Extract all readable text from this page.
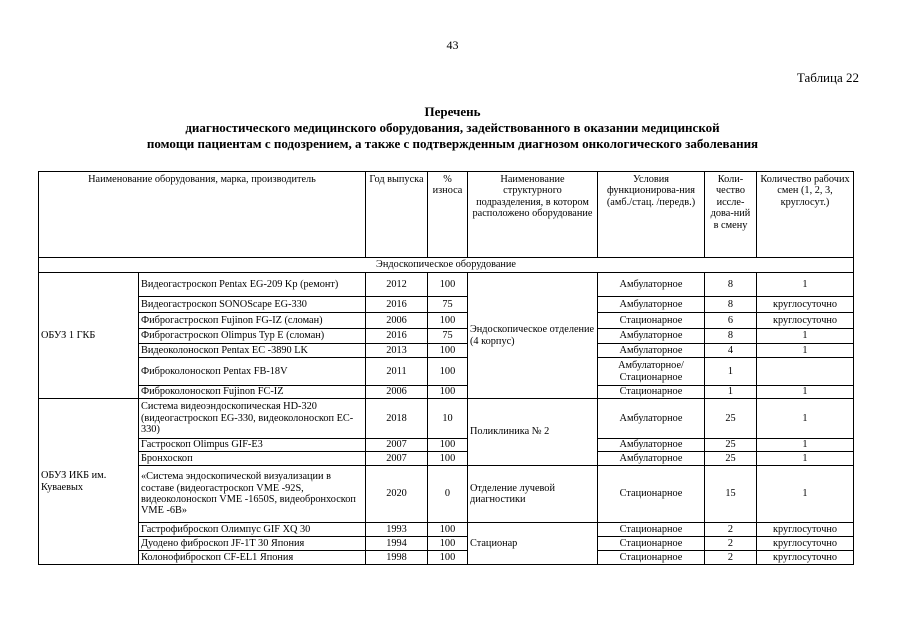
43
Таблица 22
Перечень
диагностического медицинского оборудования, задействованного в оказании медицинской
помощи пациентам с подозрением, а также с подтвержденным диагнозом онкологического заболевания
Наименование оборудования, марка, производитель		Год выпуска	% износа	Наименование структурного подразделения, в котором расположено оборудование	Условия функционирова-ния (амб./стац. /передв.)	Коли-чество иссле-дова-ний в смену	Количество рабочих смен (1, 2, 3, круглосут.)
Эндоскопическое оборудование							
ОБУЗ 1 ГКБ	Видеогастроскоп Pentax EG-209 Kp (ремонт)	2012	100	Эндоскопическое отделение (4 корпус)	Амбулаторное	8	1
	Видеогастроскоп SONOScape EG-330	2016	75		Амбулаторное	8	круглосуточно
	Фиброгастроскоп Fujinon FG-IZ (сломан)	2006	100		Стационарное	6	круглосуточно
	Фиброгастроскоп Olimpus Typ E (сломан)	2016	75		Амбулаторное	8	1
	Видеоколоноскоп Pentax EC -3890 LK	2013	100		Амбулаторное	4	1
	Фиброколоноскоп Pentax FB-18V	2011	100		Амбулаторное/ Стационарное	1	
	Фиброколоноскоп Fujinon FC-IZ	2006	100		Стационарное	1	1
ОБУЗ ИКБ им. Куваевых	Система видеоэндоскопическая HD-320 (видеогастроскоп EG-330, видеоколоноскоп EC-330)	2018	10	Поликлиника № 2	Амбулаторное	25	1
	Гастроскоп Olimpus GIF-E3	2007	100		Амбулаторное	25	1
	Бронхоскоп	2007	100		Амбулаторное	25	1
	«Система эндоскопической визуализации в составе (видеогастроскоп VME -92S, видеоколоноскоп VME -1650S, видеобронхоскоп VME -6B»	2020	0	Отделение лучевой диагностики	Стационарное	15	1
	Гастрофиброскоп Олимпус GIF XQ 30	1993	100	Стационар	Стационарное	2	круглосуточно
	Дуодено фиброскоп JF-1T 30 Япония	1994	100		Стационарное	2	круглосуточно
	Колонофиброскоп CF-EL1 Япония	1998	100		Стационарное	2	круглосуточно
